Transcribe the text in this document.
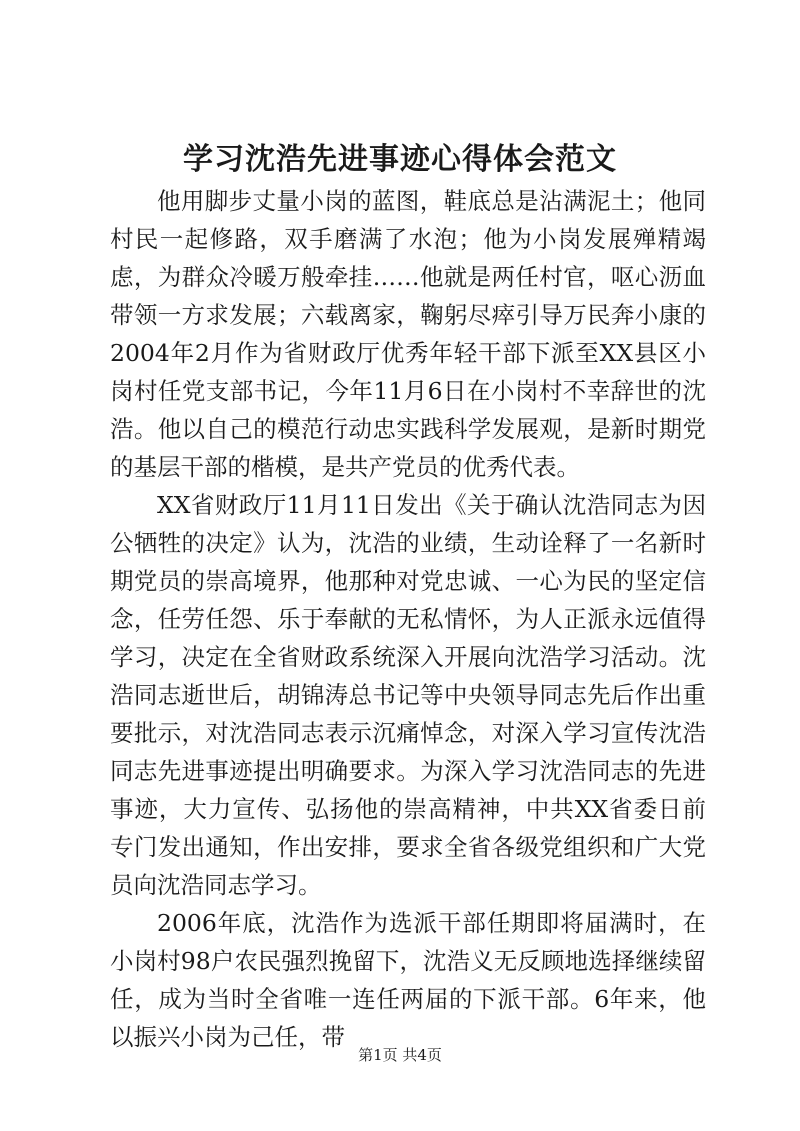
学习沈浩先进事迹心得体会范文

他用脚步丈量小岗的蓝图，鞋底总是沾满泥土；他同村民一起修路，双手磨满了水泡；他为小岗发展殚精竭虑，为群众冷暖万般牵挂……他就是两任村官，呕心沥血带领一方求发展；六载离家，鞠躬尽瘁引导万民奔小康的2004年2月作为省财政厅优秀年轻干部下派至XX县区小岗村任党支部书记，今年11月6日在小岗村不幸辞世的沈浩。他以自己的模范行动忠实践科学发展观，是新时期党的基层干部的楷模，是共产党员的优秀代表。

XX省财政厅11月11日发出《关于确认沈浩同志为因公牺牲的决定》认为，沈浩的业绩，生动诠释了一名新时期党员的崇高境界，他那种对党忠诚、一心为民的坚定信念，任劳任怨、乐于奉献的无私情怀，为人正派永远值得学习，决定在全省财政系统深入开展向沈浩学习活动。沈浩同志逝世后，胡锦涛总书记等中央领导同志先后作出重要批示，对沈浩同志表示沉痛悼念，对深入学习宣传沈浩同志先进事迹提出明确要求。为深入学习沈浩同志的先进事迹，大力宣传、弘扬他的崇高精神，中共XX省委日前专门发出通知，作出安排，要求全省各级党组织和广大党员向沈浩同志学习。

2006年底，沈浩作为选派干部任期即将届满时，在小岗村98户农民强烈挽留下，沈浩义无反顾地选择继续留任，成为当时全省唯一连任两届的下派干部。6年来，他以振兴小岗为己任，带

第1页 共4页
